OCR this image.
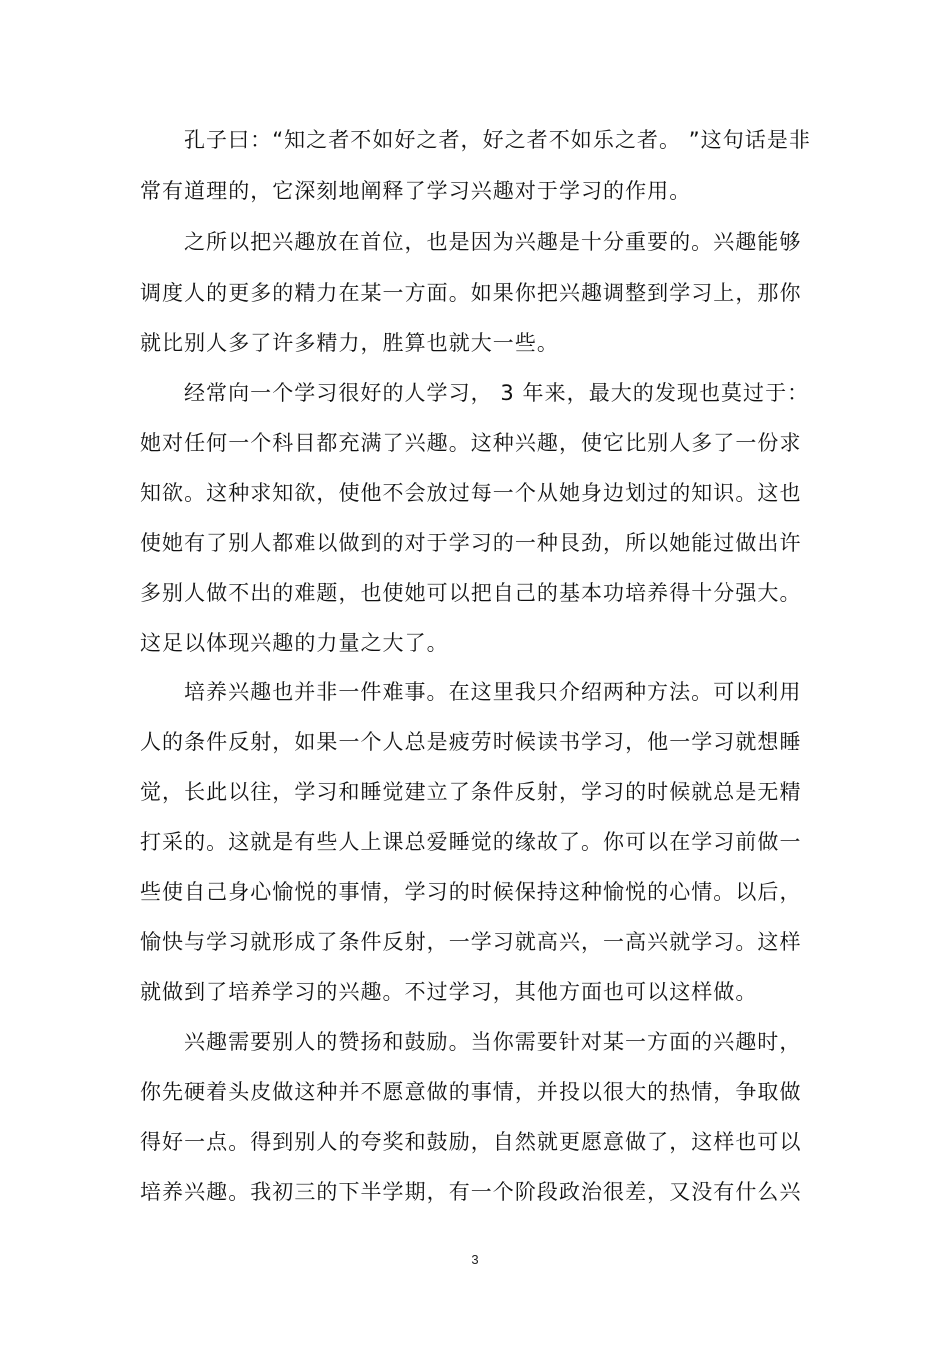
孔子曰：“知之者不如好之者，好之者不如乐之者。 ”这句话是非
常有道理的，它深刻地阐释了学习兴趣对于学习的作用。
之所以把兴趣放在首位，也是因为兴趣是十分重要的。兴趣能够
调度人的更多的精力在某一方面。如果你把兴趣调整到学习上，那你
就比别人多了许多精力，胜算也就大一些。
经常向一个学习很好的人学习， 3 年来，最大的发现也莫过于：
她对任何一个科目都充满了兴趣。这种兴趣，使它比别人多了一份求
知欲。这种求知欲，使他不会放过每一个从她身边划过的知识。这也
使她有了别人都难以做到的对于学习的一种艮劲，所以她能过做出许
多别人做不出的难题，也使她可以把自己的基本功培养得十分强大。
这足以体现兴趣的力量之大了。
培养兴趣也并非一件难事。在这里我只介绍两种方法。可以利用
人的条件反射，如果一个人总是疲劳时候读书学习，他一学习就想睡
觉，长此以往，学习和睡觉建立了条件反射，学习的时候就总是无精
打采的。这就是有些人上课总爱睡觉的缘故了。你可以在学习前做一
些使自己身心愉悦的事情，学习的时候保持这种愉悦的心情。以后，
愉快与学习就形成了条件反射，一学习就高兴，一高兴就学习。这样
就做到了培养学习的兴趣。不过学习，其他方面也可以这样做。
兴趣需要别人的赞扬和鼓励。当你需要针对某一方面的兴趣时，
你先硬着头皮做这种并不愿意做的事情，并投以很大的热情，争取做
得好一点。得到别人的夸奖和鼓励，自然就更愿意做了，这样也可以
培养兴趣。我初三的下半学期，有一个阶段政治很差，又没有什么兴
3
